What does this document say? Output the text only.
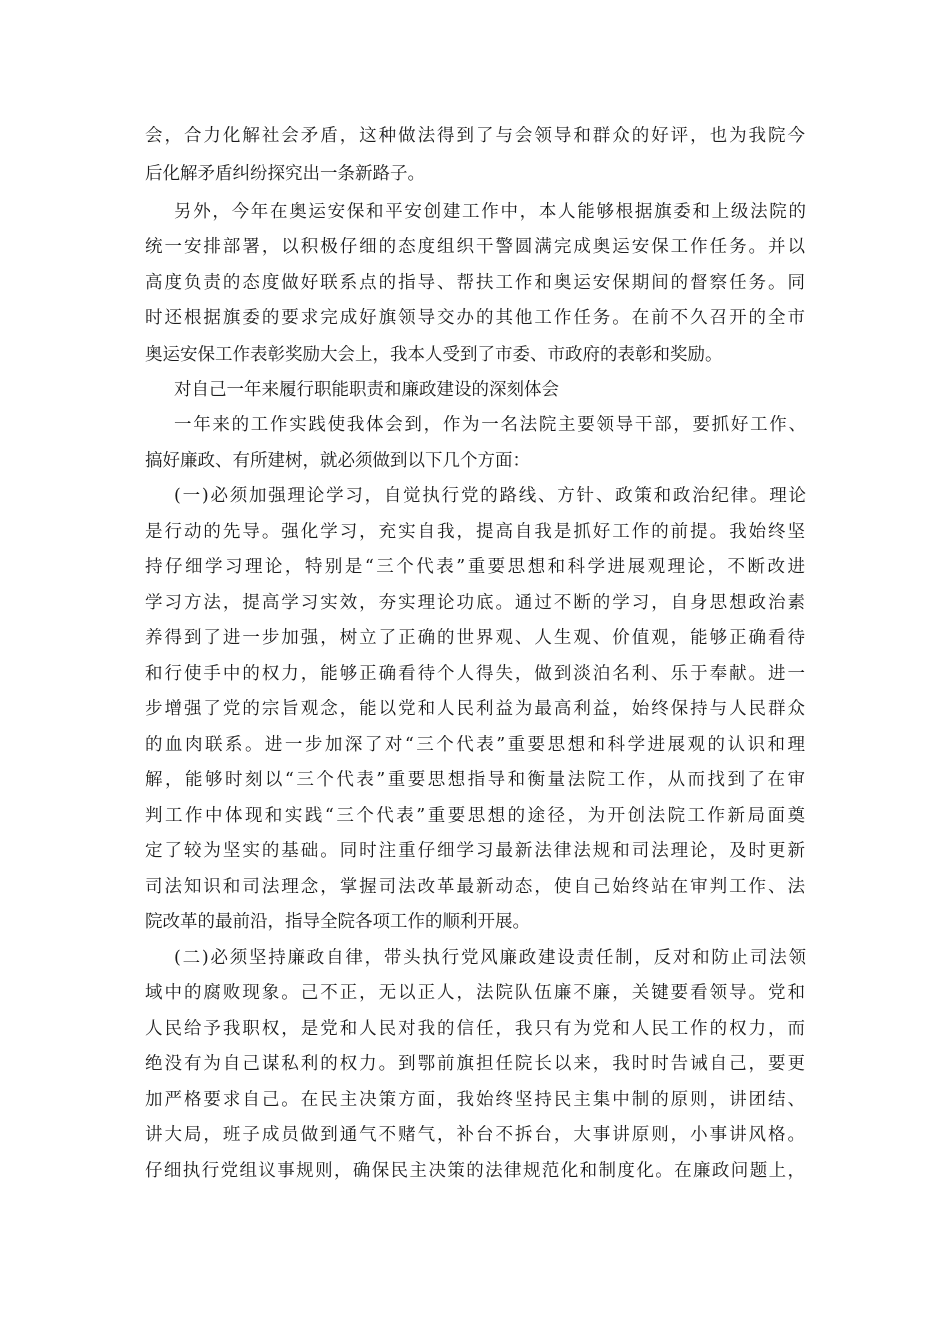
会，合力化解社会矛盾，这种做法得到了与会领导和群众的好评，也为我院今
后化解矛盾纠纷探究出一条新路子。
另外，今年在奥运安保和平安创建工作中，本人能够根据旗委和上级法院的
统一安排部署，以积极仔细的态度组织干警圆满完成奥运安保工作任务。并以
高度负责的态度做好联系点的指导、帮扶工作和奥运安保期间的督察任务。同
时还根据旗委的要求完成好旗领导交办的其他工作任务。在前不久召开的全市
奥运安保工作表彰奖励大会上，我本人受到了市委、市政府的表彰和奖励。
对自己一年来履行职能职责和廉政建设的深刻体会
一年来的工作实践使我体会到，作为一名法院主要领导干部，要抓好工作、
搞好廉政、有所建树，就必须做到以下几个方面：
(一)必须加强理论学习，自觉执行党的路线、方针、政策和政治纪律。理论
是行动的先导。强化学习，充实自我，提高自我是抓好工作的前提。我始终坚
持仔细学习理论，特别是“三个代表”重要思想和科学进展观理论，不断改进
学习方法，提高学习实效，夯实理论功底。通过不断的学习，自身思想政治素
养得到了进一步加强，树立了正确的世界观、人生观、价值观，能够正确看待
和行使手中的权力，能够正确看待个人得失，做到淡泊名利、乐于奉献。进一
步增强了党的宗旨观念，能以党和人民利益为最高利益，始终保持与人民群众
的血肉联系。进一步加深了对“三个代表”重要思想和科学进展观的认识和理
解，能够时刻以“三个代表”重要思想指导和衡量法院工作，从而找到了在审
判工作中体现和实践“三个代表”重要思想的途径，为开创法院工作新局面奠
定了较为坚实的基础。同时注重仔细学习最新法律法规和司法理论，及时更新
司法知识和司法理念，掌握司法改革最新动态，使自己始终站在审判工作、法
院改革的最前沿，指导全院各项工作的顺利开展。
(二)必须坚持廉政自律，带头执行党风廉政建设责任制，反对和防止司法领
域中的腐败现象。己不正，无以正人，法院队伍廉不廉，关键要看领导。党和
人民给予我职权，是党和人民对我的信任，我只有为党和人民工作的权力，而
绝没有为自己谋私利的权力。到鄂前旗担任院长以来，我时时告诫自己，要更
加严格要求自己。在民主决策方面，我始终坚持民主集中制的原则，讲团结、
讲大局，班子成员做到通气不赌气，补台不拆台，大事讲原则，小事讲风格。
仔细执行党组议事规则，确保民主决策的法律规范化和制度化。在廉政问题上，
